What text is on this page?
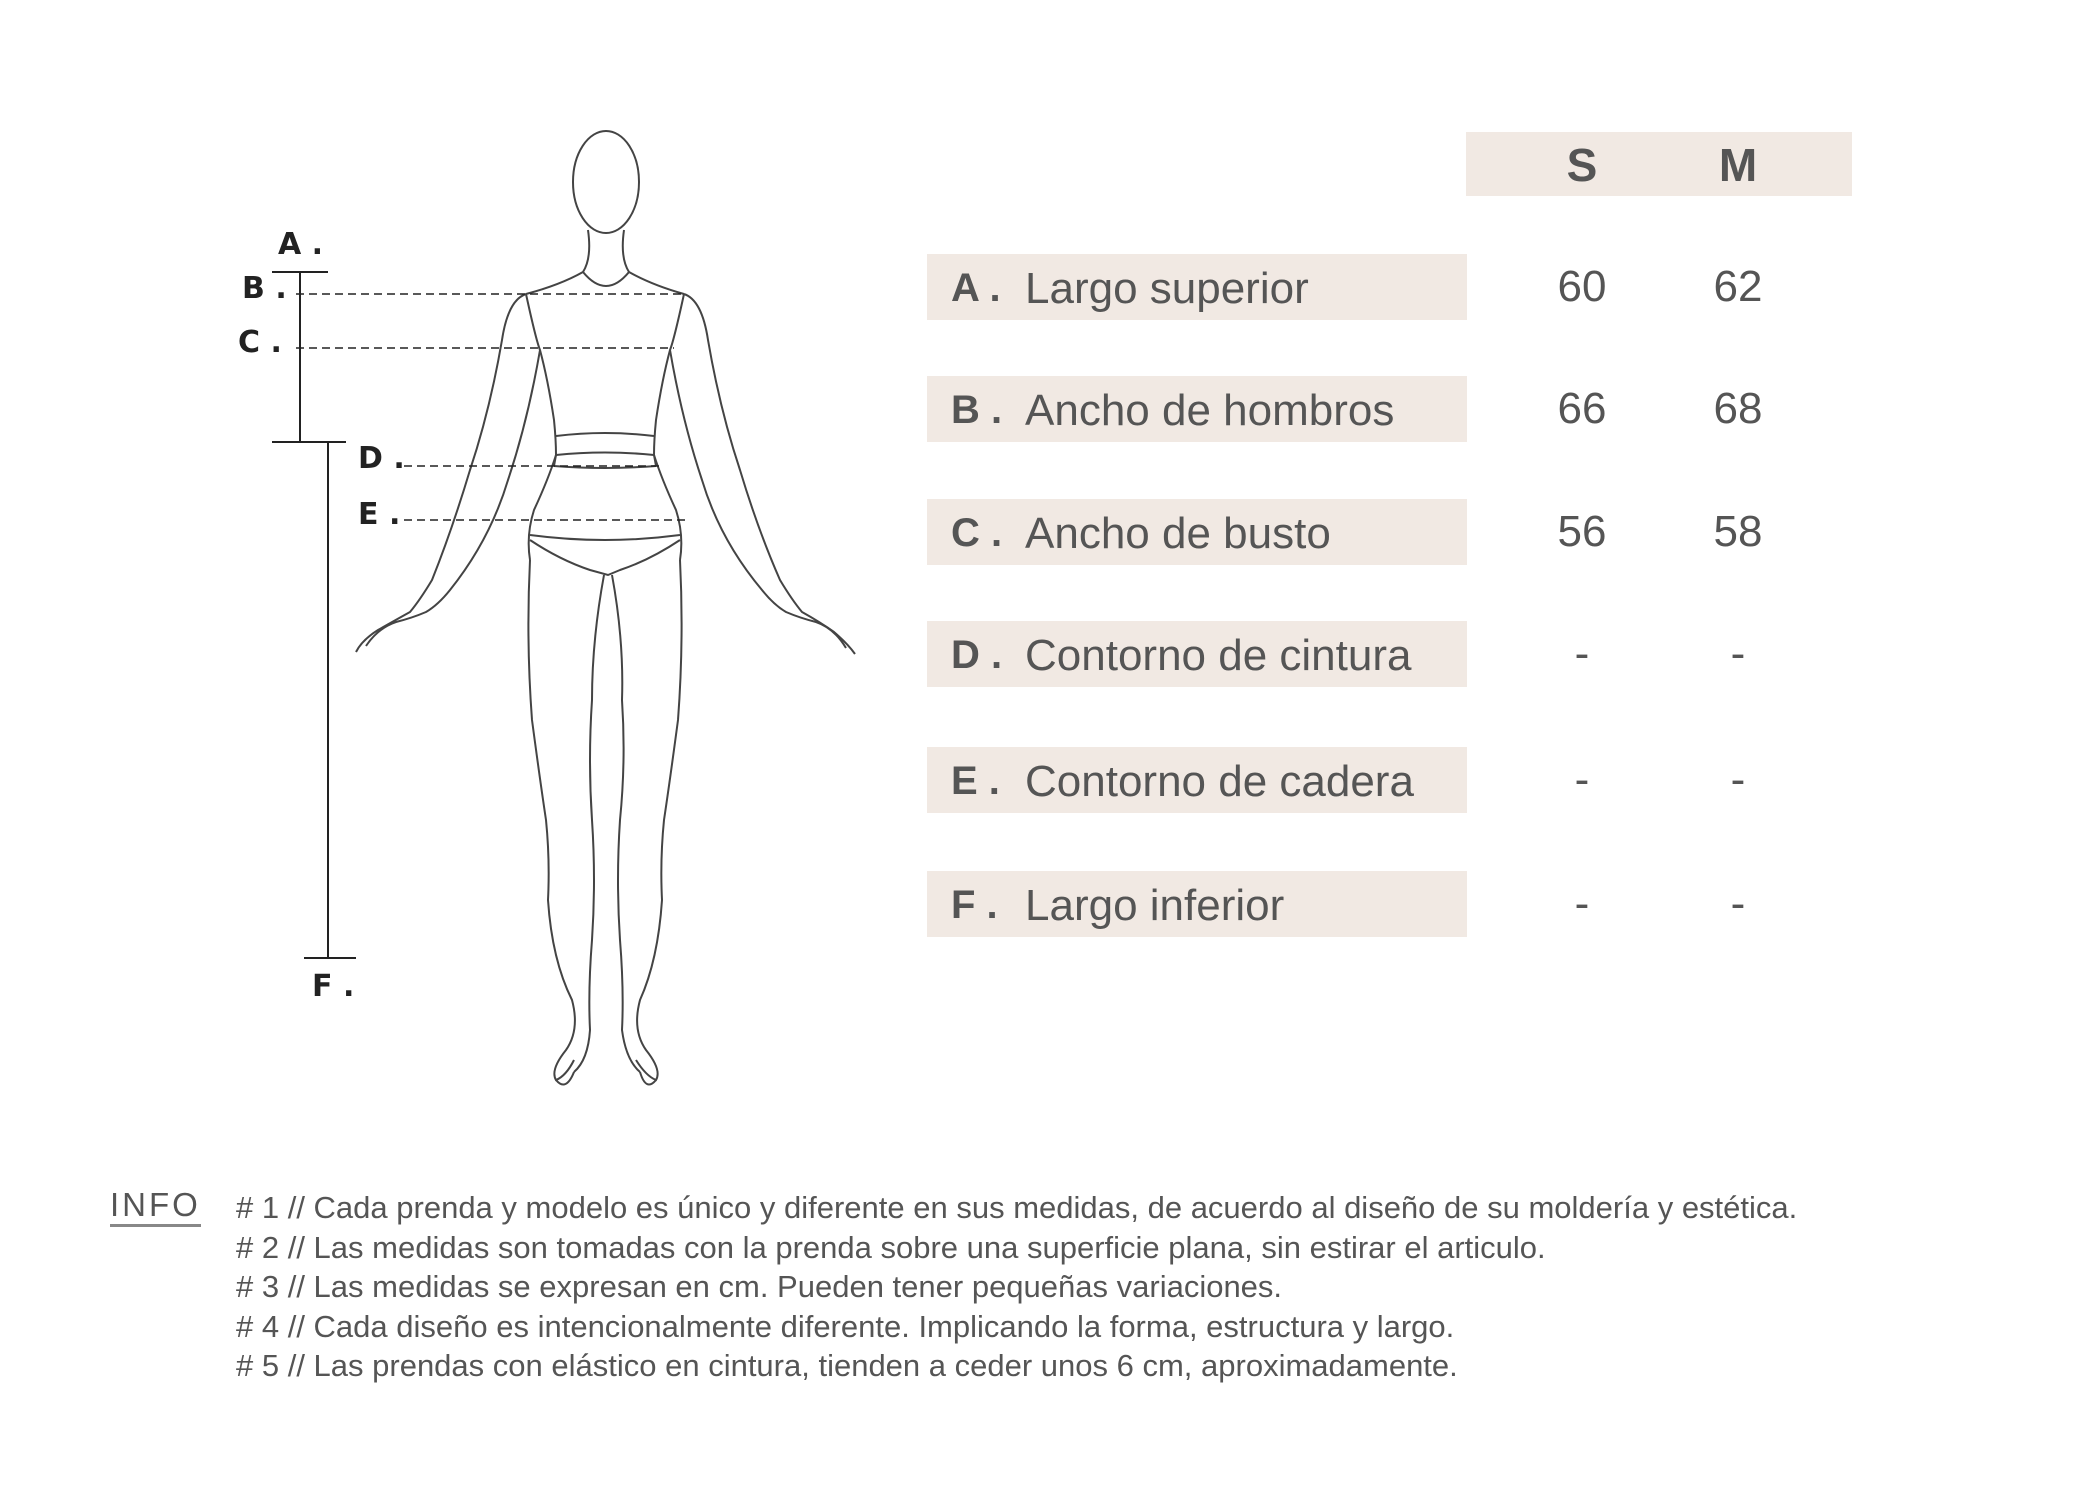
A .
B .
C .
D .
E .
F .
S	M
A . Largo superior	60	62
B . Ancho de hombros	66	68
C . Ancho de busto	56	58
D . Contorno de cintura	-	-
E . Contorno de cadera	-	-
F . Largo inferior	-	-
INFO # 1 // Cada prenda y modelo es único y diferente en sus medidas, de acuerdo al diseño de su moldería y estética.
# 2 // Las medidas son tomadas con la prenda sobre una superficie plana, sin estirar el articulo.
# 3 // Las medidas se expresan en cm. Pueden tener pequeñas variaciones.
# 4 // Cada diseño es intencionalmente diferente. Implicando la forma, estructura y largo.
# 5 // Las prendas con elástico en cintura, tienden a ceder unos 6 cm, aproximadamente.
